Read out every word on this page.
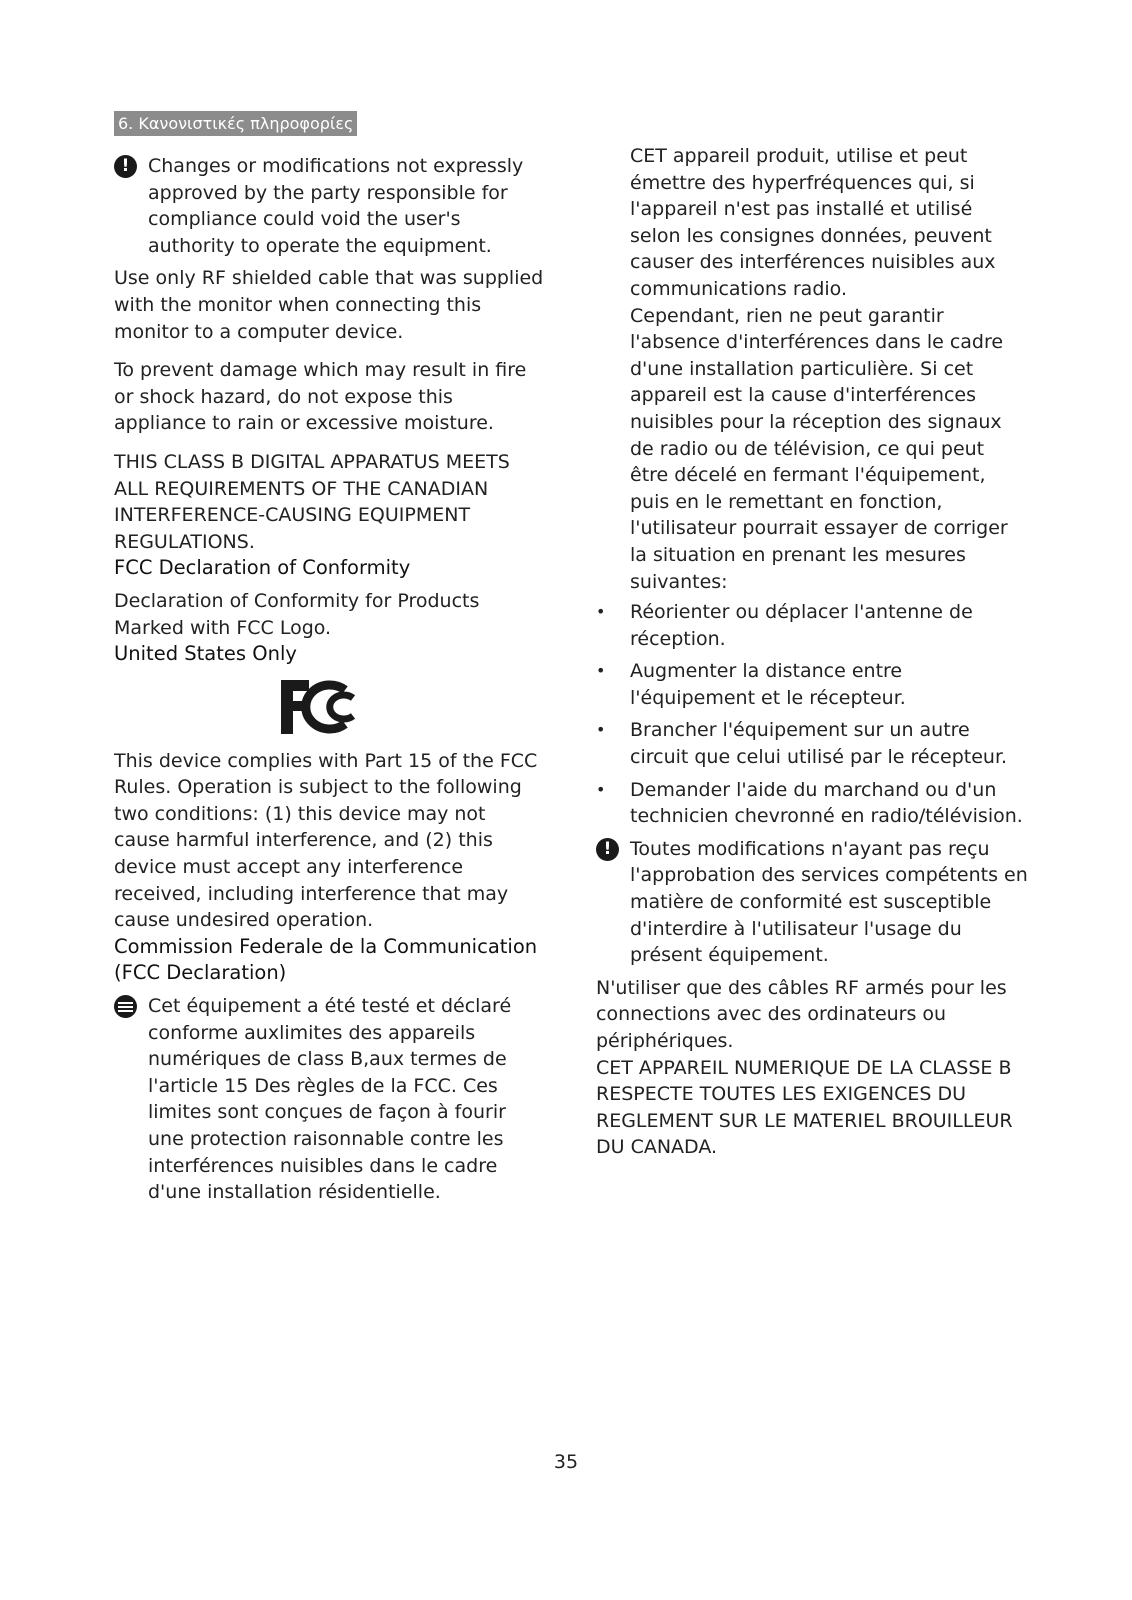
6. Κανονιστικές πληροφορίες
! Changes or modifications not expressly approved by the party responsible for compliance could void the user's authority to operate the equipment.

Use only RF shielded cable that was supplied with the monitor when connecting this monitor to a computer device.

To prevent damage which may result in fire or shock hazard, do not expose this appliance to rain or excessive moisture.

THIS CLASS B DIGITAL APPARATUS MEETS ALL REQUIREMENTS OF THE CANADIAN INTERFERENCE-CAUSING EQUIPMENT REGULATIONS.

FCC Declaration of Conformity

Declaration of Conformity for Products Marked with FCC Logo.

United States Only

This device complies with Part 15 of the FCC Rules. Operation is subject to the following two conditions: (1) this device may not cause harmful interference, and (2) this device must accept any interference received, including interference that may cause undesired operation.

Commission Federale de la Communication (FCC Declaration)

Cet équipement a été testé et déclaré conforme auxlimites des appareils numériques de class B,aux termes de l'article 15 Des règles de la FCC. Ces limites sont conçues de façon à fourir une protection raisonnable contre les interférences nuisibles dans le cadre d'une installation résidentielle.

CET appareil produit, utilise et peut émettre des hyperfréquences qui, si l'appareil n'est pas installé et utilisé selon les consignes données, peuvent causer des interférences nuisibles aux communications radio.

Cependant, rien ne peut garantir l'absence d'interférences dans le cadre d'une installation particulière. Si cet appareil est la cause d'interférences nuisibles pour la réception des signaux de radio ou de télévision, ce qui peut être décelé en fermant l'équipement, puis en le remettant en fonction, l'utilisateur pourrait essayer de corriger la situation en prenant les mesures suivantes:

• Réorienter ou déplacer l'antenne de réception.
• Augmenter la distance entre l'équipement et le récepteur.
• Brancher l'équipement sur un autre circuit que celui utilisé par le récepteur.
• Demander l'aide du marchand ou d'un technicien chevronné en radio/télévision.
! Toutes modifications n'ayant pas reçu l'approbation des services compétents en matière de conformité est susceptible d'interdire à l'utilisateur l'usage du présent équipement.

N'utiliser que des câbles RF armés pour les connections avec des ordinateurs ou périphériques.

CET APPAREIL NUMERIQUE DE LA CLASSE B RESPECTE TOUTES LES EXIGENCES DU REGLEMENT SUR LE MATERIEL BROUILLEUR DU CANADA.

35
